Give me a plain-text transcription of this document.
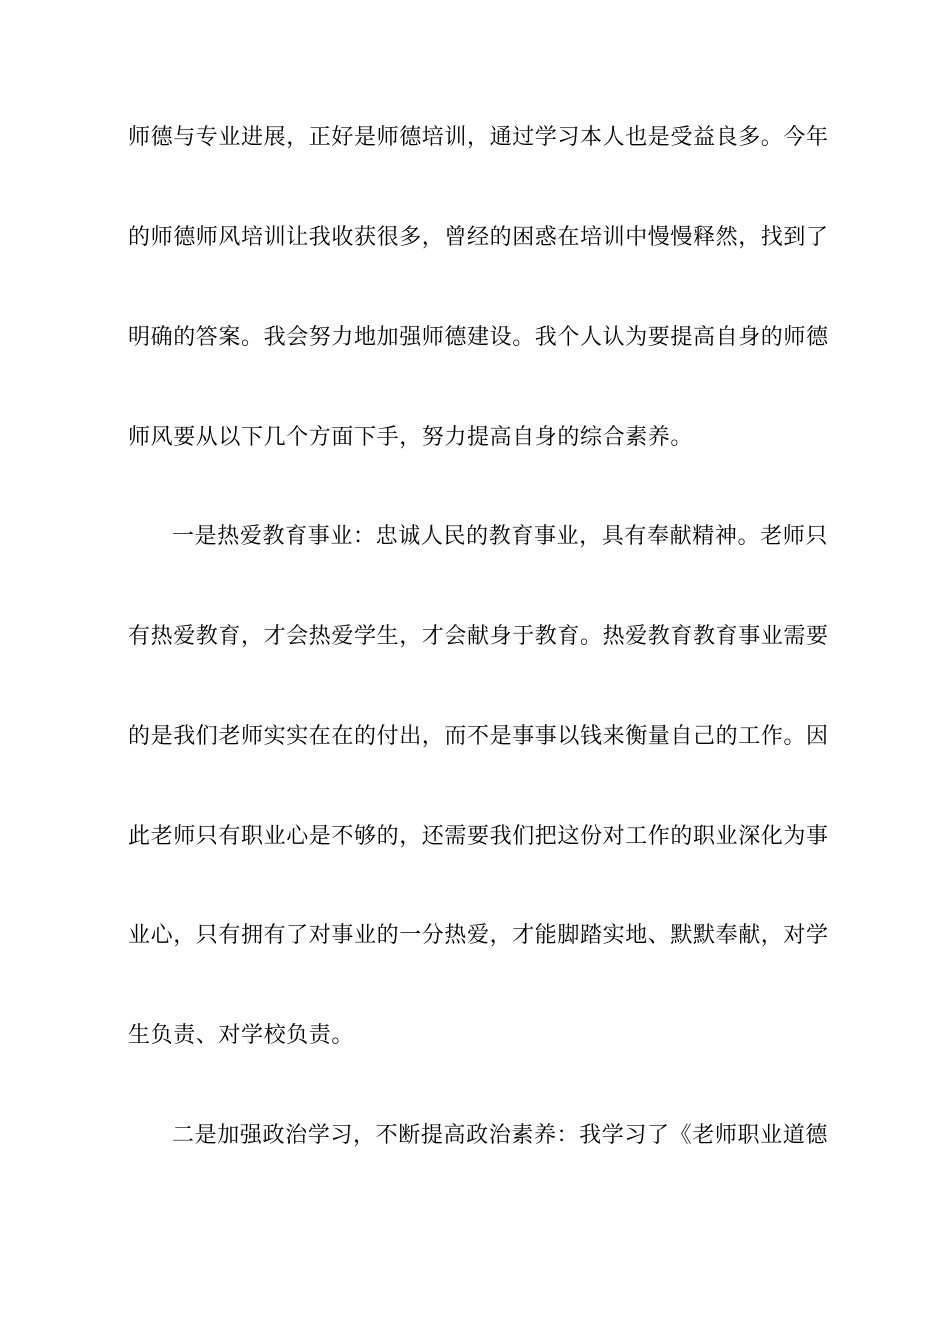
师德与专业进展，正好是师德培训，通过学习本人也是受益良多。今年
的师德师风培训让我收获很多，曾经的困惑在培训中慢慢释然，找到了
明确的答案。我会努力地加强师德建设。我个人认为要提高自身的师德
师风要从以下几个方面下手，努力提高自身的综合素养。
一是热爱教育事业：忠诚人民的教育事业，具有奉献精神。老师只
有热爱教育，才会热爱学生，才会献身于教育。热爱教育教育事业需要
的是我们老师实实在在的付出，而不是事事以钱来衡量自己的工作。因
此老师只有职业心是不够的，还需要我们把这份对工作的职业深化为事
业心，只有拥有了对事业的一分热爱，才能脚踏实地、默默奉献，对学
生负责、对学校负责。
二是加强政治学习，不断提高政治素养：我学习了《老师职业道德
